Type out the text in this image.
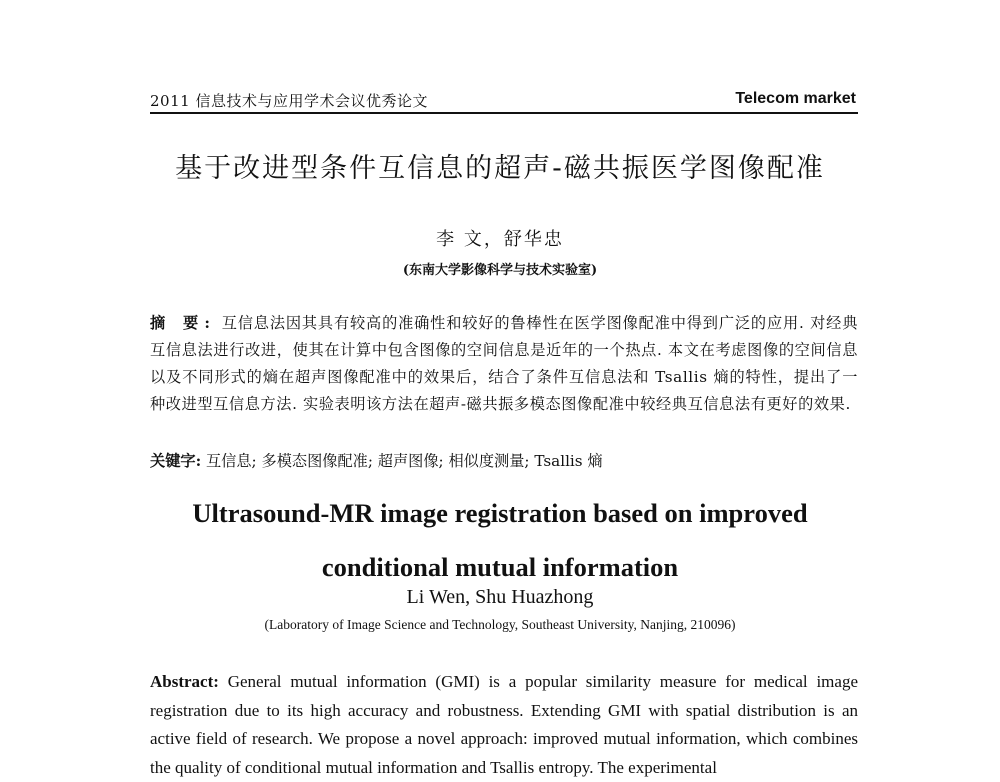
2011 信息技术与应用学术会议优秀论文	Telecom market
基于改进型条件互信息的超声-磁共振医学图像配准
李 文，舒华忠
(东南大学影像科学与技术实验室)
摘 要: 互信息法因其具有较高的准确性和较好的鲁棒性在医学图像配准中得到广泛的应用. 对经典互信息法进行改进，使其在计算中包含图像的空间信息是近年的一个热点. 本文在考虑图像的空间信息以及不同形式的熵在超声图像配准中的效果后，结合了条件互信息法和 Tsallis 熵的特性，提出了一种改进型互信息方法. 实验表明该方法在超声-磁共振多模态图像配准中较经典互信息法有更好的效果.
关键字: 互信息; 多模态图像配准; 超声图像; 相似度测量; Tsallis 熵
Ultrasound-MR image registration based on improved
conditional mutual information
Li Wen, Shu Huazhong
(Laboratory of Image Science and Technology, Southeast University, Nanjing, 210096)
Abstract: General mutual information (GMI) is a popular similarity measure for medical image registration due to its high accuracy and robustness. Extending GMI with spatial distribution is an active field of research. We propose a novel approach: improved mutual information, which combines the quality of conditional mutual information and Tsallis entropy. The experimental
